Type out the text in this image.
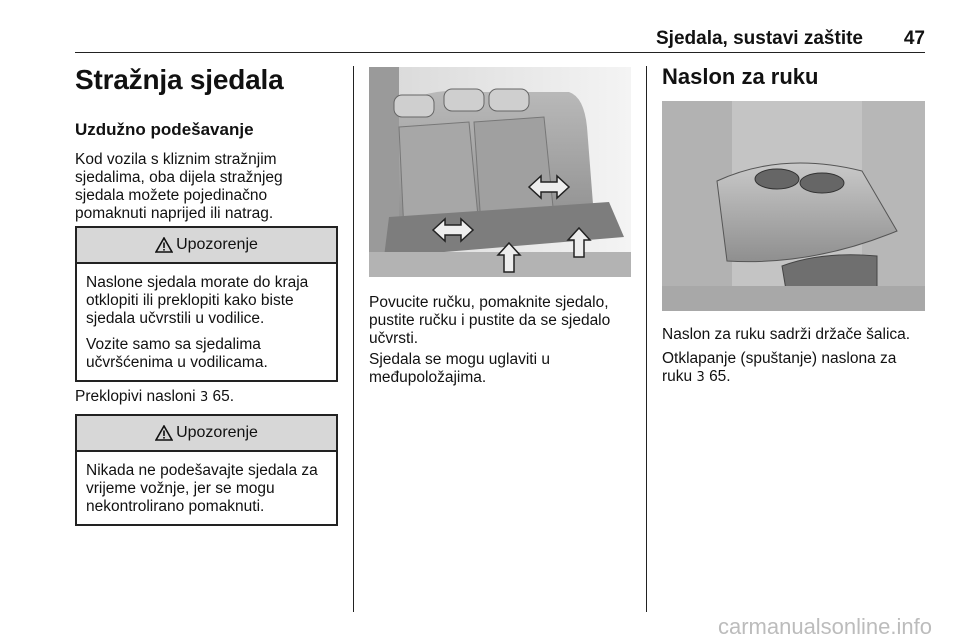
Sjedala, sustavi zaštite 47
Stražnja sjedala
Uzdužno podešavanje
Kod vozila s kliznim stražnjim
sjedalima, oba dijela stražnjeg
sjedala možete pojedinačno
pomaknuti naprijed ili natrag.
Upozorenje

Naslone sjedala morate do kraja
otklopiti ili preklopiti kako biste
sjedala učvrstili u vodilice.

Vozite samo sa sjedalima
učvršćenima u vodilicama.

Preklopivi nasloni 3 65.
Upozorenje

Nikada ne podešavajte sjedala za
vrijeme vožnje, jer se mogu
nekontrolirano pomaknuti.

Povucite ručku, pomaknite sjedalo,
pustite ručku i pustite da se sjedalo
učvrsti.
Sjedala se mogu uglaviti u
međupoložajima.
Naslon za ruku
Naslon za ruku sadrži držače šalica.
Otklapanje (spuštanje) naslona za
ruku 3 65.
carmanualsonline.info
